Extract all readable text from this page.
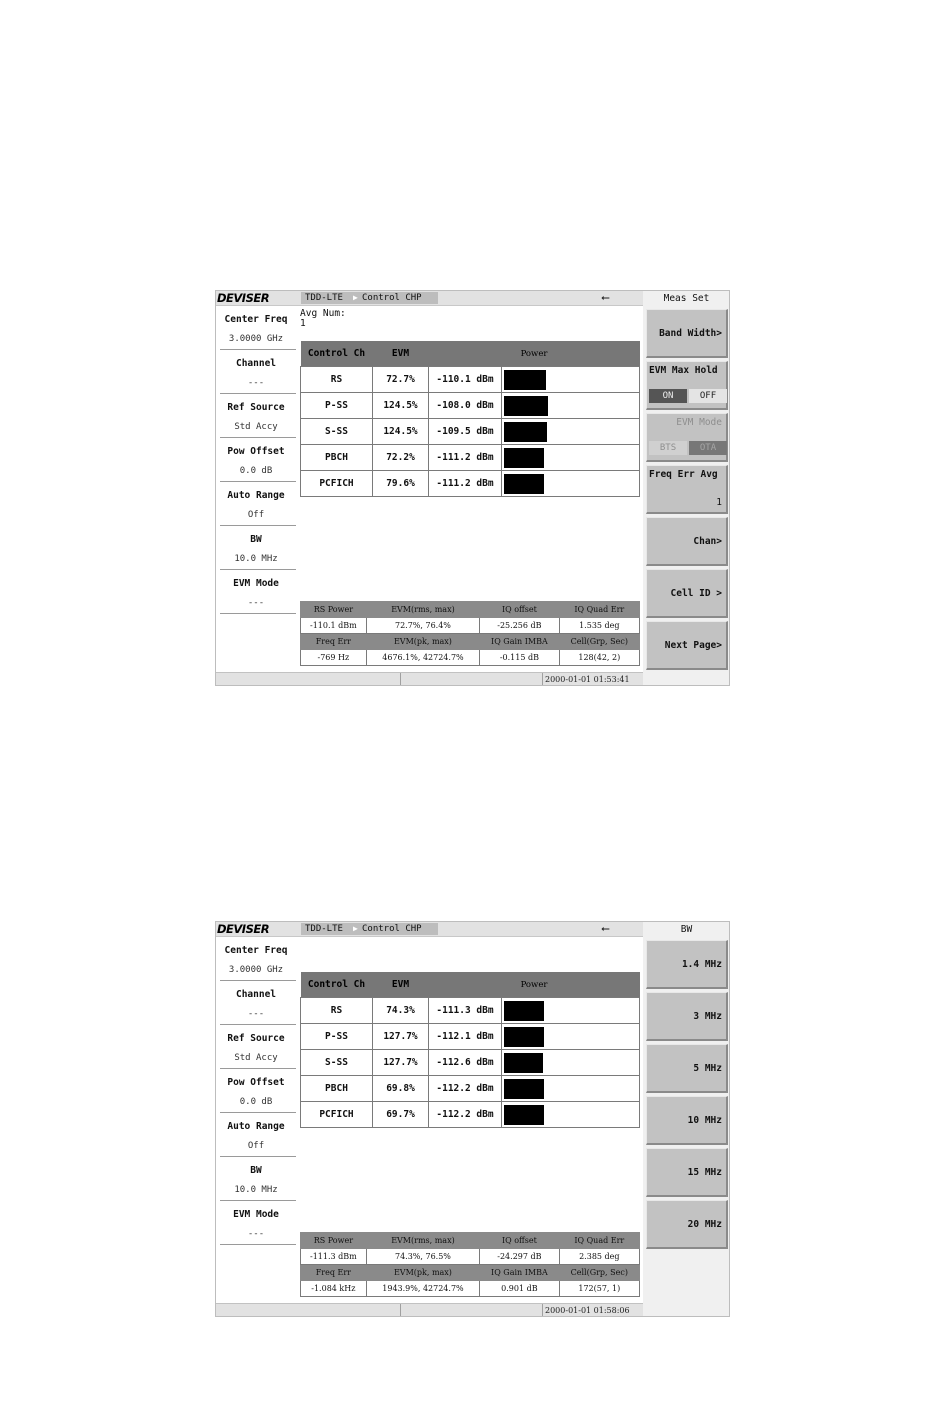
DEVISER	TDD-LTE ▶ Control CHP	⭠
Center Freq
3.0000 GHz
Channel
---
Ref Source
Std Accy
Pow Offset
0.0 dB
Auto Range
Off
BW
10.0 MHz
EVM Mode
---
Avg Num:
1
Control Ch	EVM	Power	
RS	72.7%	-110.1 dBm	
P-SS	124.5%	-108.0 dBm	
S-SS	124.5%	-109.5 dBm	
PBCH	72.2%	-111.2 dBm	
PCFICH	79.6%	-111.2 dBm	
RS Power	EVM(rms, max)	IQ offset	IQ Quad Err
-110.1 dBm	72.7%, 76.4%	-25.256 dB	1.535 deg
Freq Err	EVM(pk, max)	IQ Gain IMBA	Cell(Grp, Sec)
-769 Hz	4676.1%, 42724.7%	-0.115 dB	128(42, 2)
2000-01-01 01:53:41
Meas Set
Band Width>
EVM Max Hold
ON	OFF
EVM Mode
BTS	OTA
Freq Err Avg
1
Chan>
Cell ID >
Next Page>
DEVISER	TDD-LTE ▶ Control CHP	⭠
Center Freq
3.0000 GHz
Channel
---
Ref Source
Std Accy
Pow Offset
0.0 dB
Auto Range
Off
BW
10.0 MHz
EVM Mode
---
Control Ch	EVM	Power	
RS	74.3%	-111.3 dBm	
P-SS	127.7%	-112.1 dBm	
S-SS	127.7%	-112.6 dBm	
PBCH	69.8%	-112.2 dBm	
PCFICH	69.7%	-112.2 dBm	
RS Power	EVM(rms, max)	IQ offset	IQ Quad Err
-111.3 dBm	74.3%, 76.5%	-24.297 dB	2.385 deg
Freq Err	EVM(pk, max)	IQ Gain IMBA	Cell(Grp, Sec)
-1.084 kHz	1943.9%, 42724.7%	0.901 dB	172(57, 1)
2000-01-01 01:58:06
BW
1.4 MHz
3 MHz
5 MHz
10 MHz
15 MHz
20 MHz
